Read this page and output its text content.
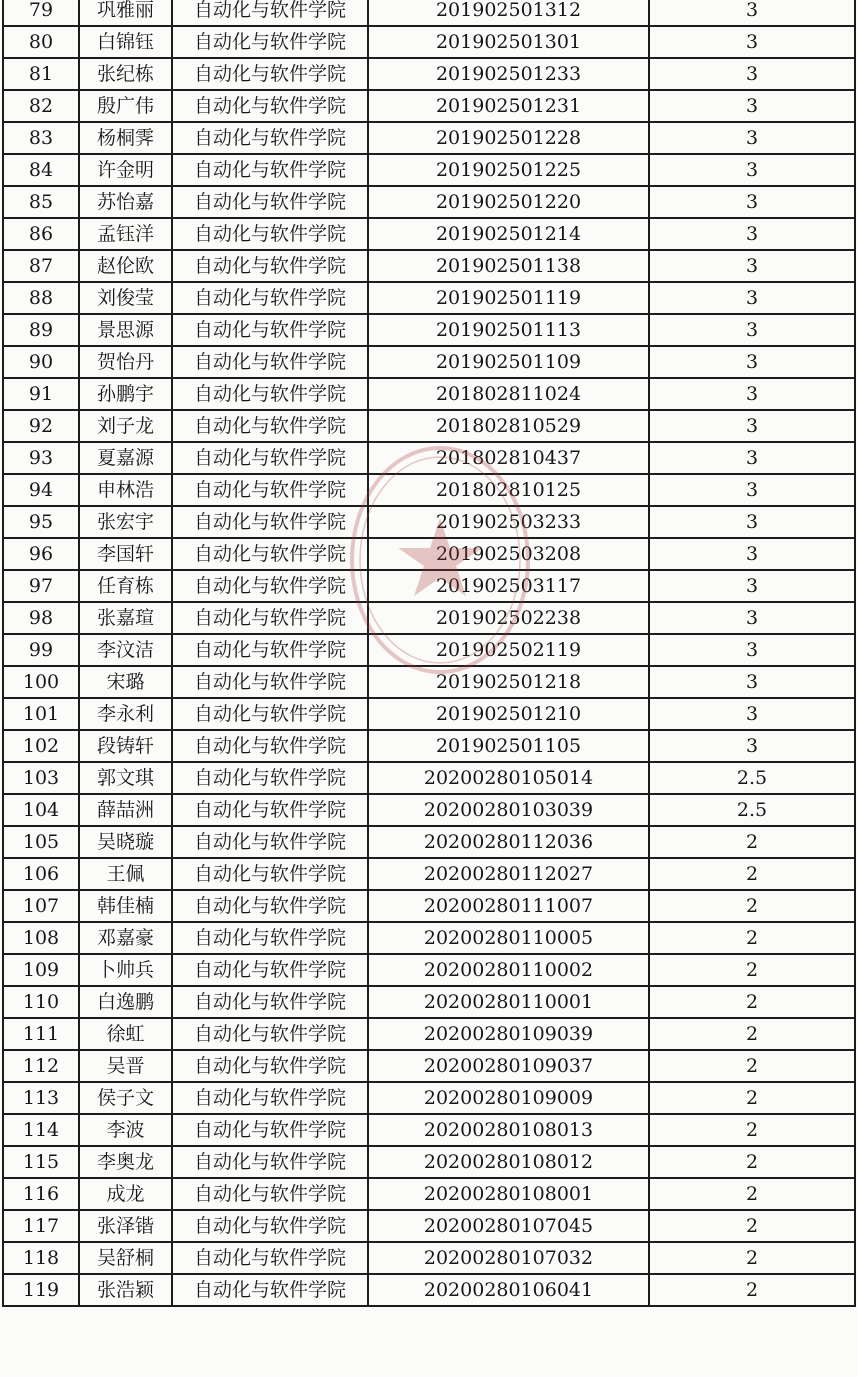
79	巩雅丽	自动化与软件学院	201902501312	3
80	白锦钰	自动化与软件学院	201902501301	3
81	张纪栋	自动化与软件学院	201902501233	3
82	殷广伟	自动化与软件学院	201902501231	3
83	杨桐霁	自动化与软件学院	201902501228	3
84	许金明	自动化与软件学院	201902501225	3
85	苏怡嘉	自动化与软件学院	201902501220	3
86	孟钰洋	自动化与软件学院	201902501214	3
87	赵伦欧	自动化与软件学院	201902501138	3
88	刘俊莹	自动化与软件学院	201902501119	3
89	景思源	自动化与软件学院	201902501113	3
90	贺怡丹	自动化与软件学院	201902501109	3
91	孙鹏宇	自动化与软件学院	201802811024	3
92	刘子龙	自动化与软件学院	201802810529	3
93	夏嘉源	自动化与软件学院	201802810437	3
94	申林浩	自动化与软件学院	201802810125	3
95	张宏宇	自动化与软件学院	201902503233	3
96	李国轩	自动化与软件学院	201902503208	3
97	任育栋	自动化与软件学院	201902503117	3
98	张嘉瑄	自动化与软件学院	201902502238	3
99	李汶洁	自动化与软件学院	201902502119	3
100	宋璐	自动化与软件学院	201902501218	3
101	李永利	自动化与软件学院	201902501210	3
102	段铸轩	自动化与软件学院	201902501105	3
103	郭文琪	自动化与软件学院	20200280105014	2.5
104	薛喆洲	自动化与软件学院	20200280103039	2.5
105	吴晓璇	自动化与软件学院	20200280112036	2
106	王佩	自动化与软件学院	20200280112027	2
107	韩佳楠	自动化与软件学院	20200280111007	2
108	邓嘉豪	自动化与软件学院	20200280110005	2
109	卜帅兵	自动化与软件学院	20200280110002	2
110	白逸鹏	自动化与软件学院	20200280110001	2
111	徐虹	自动化与软件学院	20200280109039	2
112	吴晋	自动化与软件学院	20200280109037	2
113	侯子文	自动化与软件学院	20200280109009	2
114	李波	自动化与软件学院	20200280108013	2
115	李奥龙	自动化与软件学院	20200280108012	2
116	成龙	自动化与软件学院	20200280108001	2
117	张泽锴	自动化与软件学院	20200280107045	2
118	吴舒桐	自动化与软件学院	20200280107032	2
119	张浩颖	自动化与软件学院	20200280106041	2
